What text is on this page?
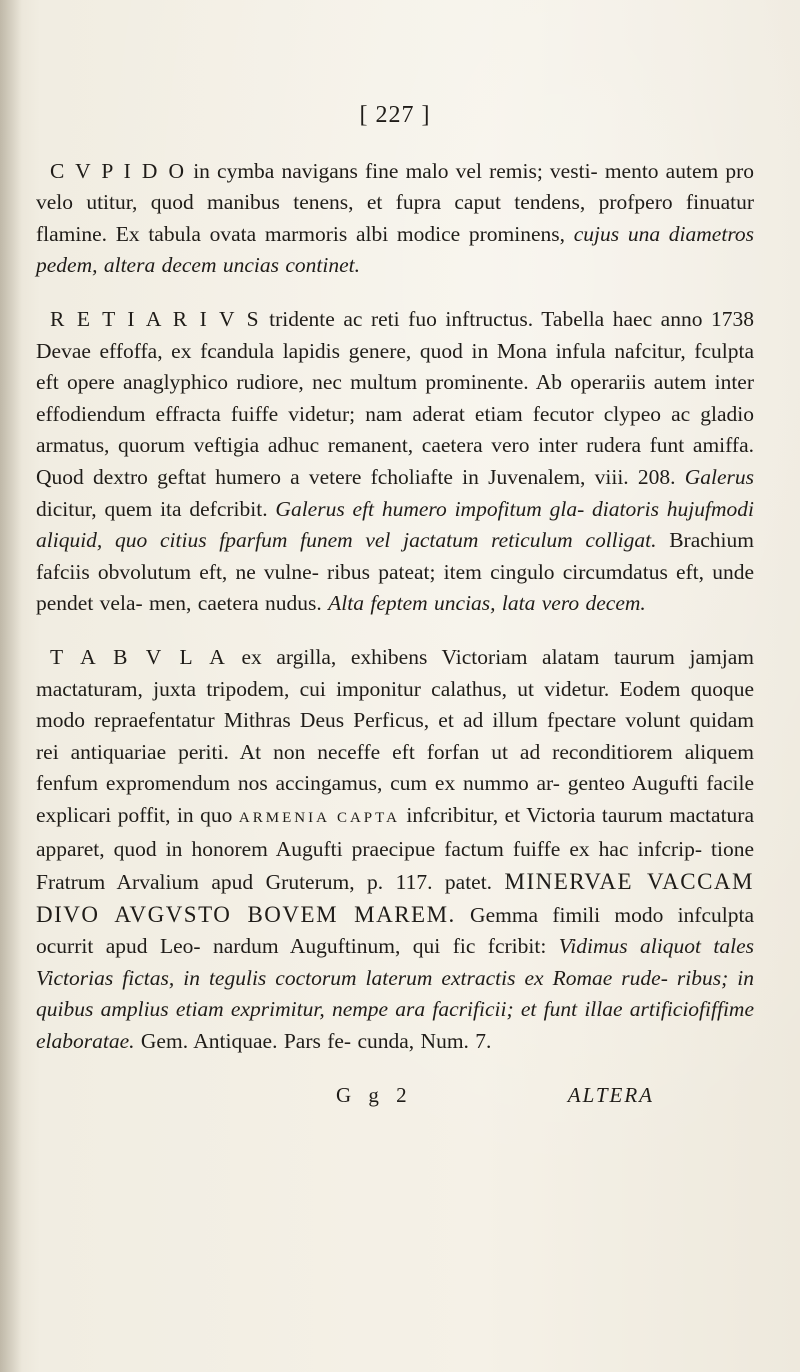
[ 227 ]

C V P I D O in cymba navigans fine malo vel remis; vesti- mento autem pro velo utitur, quod manibus tenens, et fupra caput tendens, profpero finuatur flamine. Ex tabula ovata marmoris albi modice prominens, cujus una diametros pedem, altera decem uncias continet.

R E T I A R I V S tridente ac reti fuo inftructus. Tabella haec anno 1738 Devae effoffa, ex fcandula lapidis genere, quod in Mona infula nafcitur, fculpta eft opere anaglyphico rudiore, nec multum prominente. Ab operariis autem inter effodiendum effracta fuiffe videtur; nam aderat etiam fecutor clypeo ac gladio armatus, quorum veftigia adhuc remanent, caetera vero inter rudera funt amiffa. Quod dextro geftat humero a vetere fcholiafte in Juvenalem, viii. 208. Galerus dicitur, quem ita defcribit. Galerus eft humero impofitum gla- diatoris hujufmodi aliquid, quo citius fparfum funem vel jactatum reticulum colligat. Brachium fafciis obvolutum eft, ne vulne- ribus pateat; item cingulo circumdatus eft, unde pendet vela- men, caetera nudus. Alta feptem uncias, lata vero decem.

T A B V L A ex argilla, exhibens Victoriam alatam taurum jamjam mactaturam, juxta tripodem, cui imponitur calathus, ut videtur. Eodem quoque modo repraefentatur Mithras Deus Perficus, et ad illum fpectare volunt quidam rei antiquariae periti. At non neceffe eft forfan ut ad reconditiorem aliquem fenfum expromendum nos accingamus, cum ex nummo ar- genteo Augufti facile explicari poffit, in quo ARMENIA CAPTA infcribitur, et Victoria taurum mactatura apparet, quod in honorem Augufti praecipue factum fuiffe ex hac infcrip- tione Fratrum Arvalium apud Gruterum, p. 117. patet. MINERVAE VACCAM DIVO AVGVSTO BOVEM MAREM. Gemma fimili modo infculpta ocurrit apud Leo- nardum Auguftinum, qui fic fcribit: Vidimus aliquot tales Victorias fictas, in tegulis coctorum laterum extractis ex Romae rude- ribus; in quibus amplius etiam exprimitur, nempe ara facrificii; et funt illae artificiofiffime elaboratae. Gem. Antiquae. Pars fe- cunda, Num. 7.

G g 2	ALTERA
